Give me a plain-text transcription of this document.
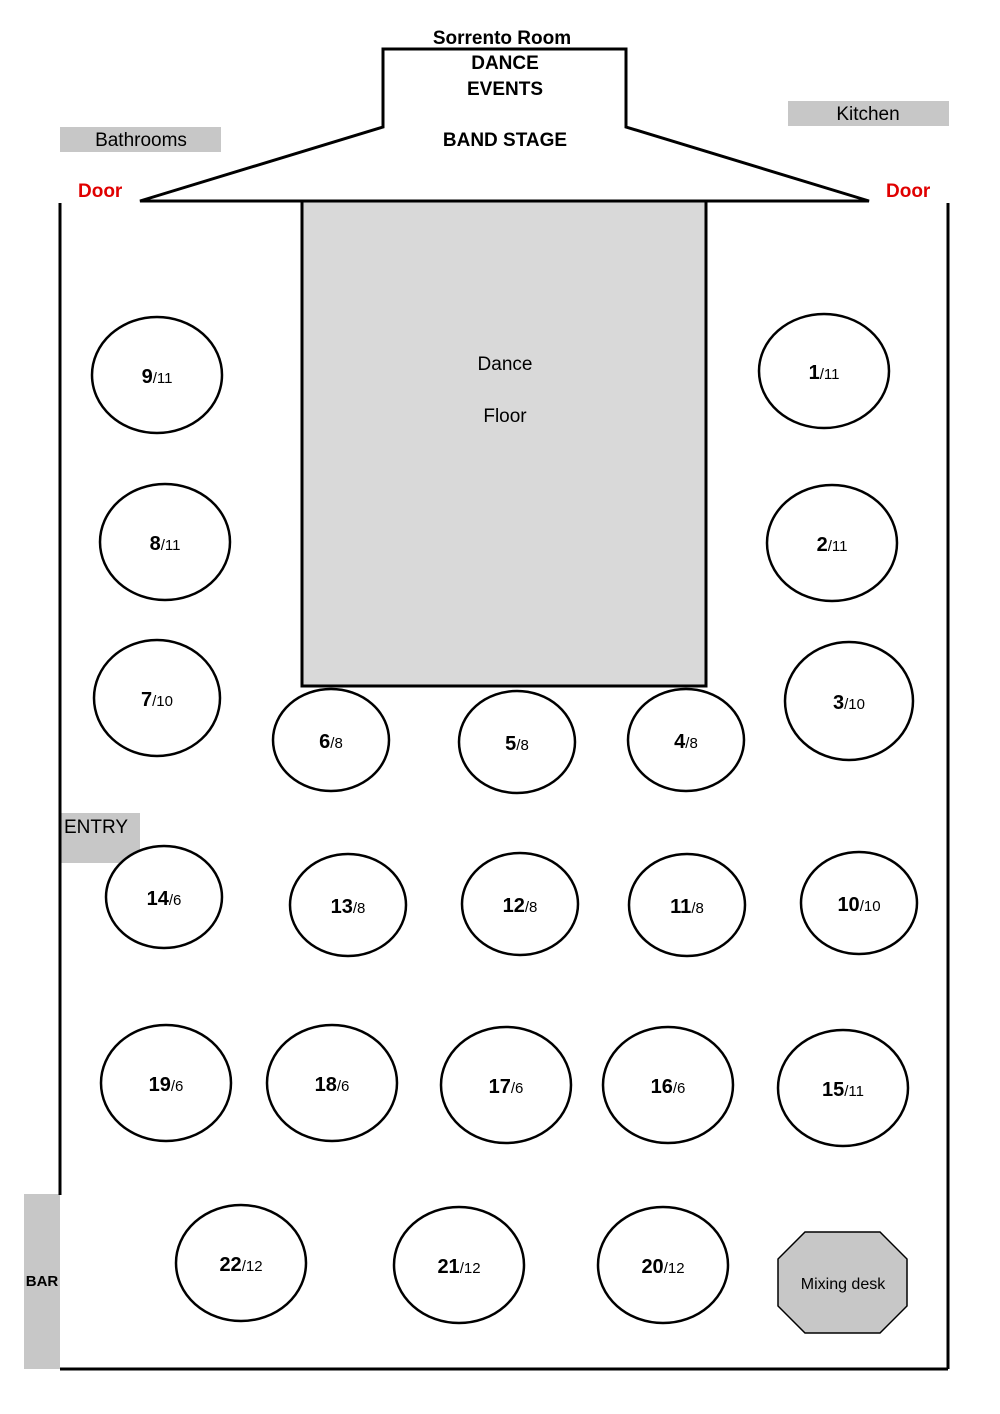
Sorrento Room
DANCE
EVENTS
BAND STAGE
Bathrooms
Kitchen
ENTRY
BAR
Door	Door
Dance
Floor
Mixing desk
1/11
2/11
3/10
4/8
5/8
6/8
7/10
8/11
9/11
10/10
11/8
12/8
13/8
14/6
15/11
16/6
17/6
18/6
19/6
20/12
21/12
22/12
